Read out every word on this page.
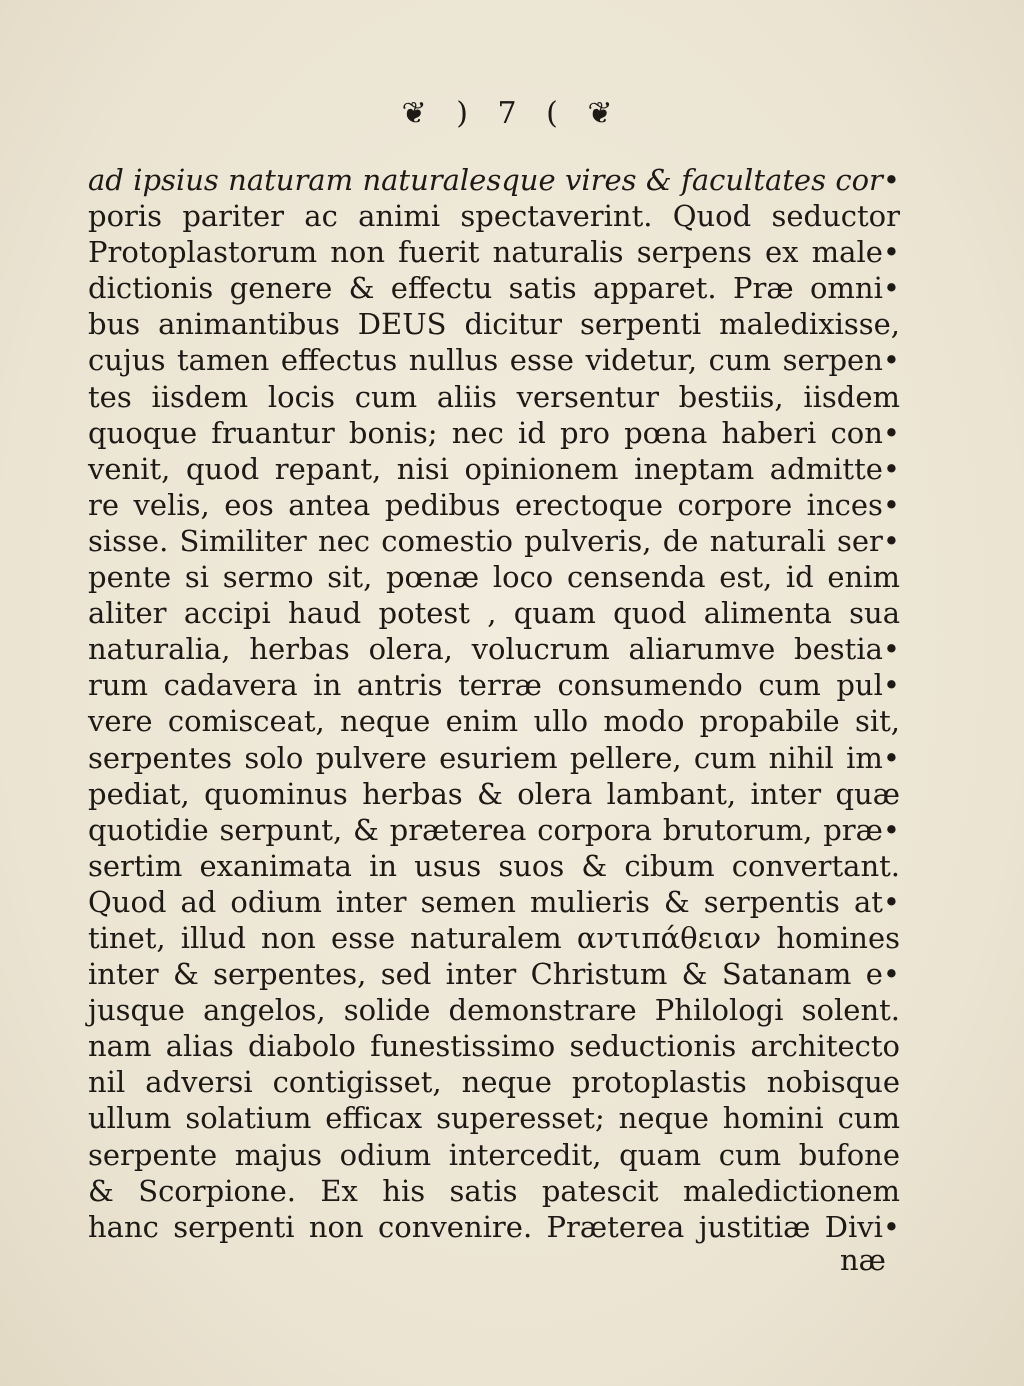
❦ ) 7 ( ❦
ad ipsius naturam naturalesque vires & facultates cor•
poris pariter ac animi spectaverint. Quod seductor
Protoplastorum non fuerit naturalis serpens ex male•
dictionis genere & effectu satis apparet. Præ omni•
bus animantibus DEUS dicitur serpenti maledixisse,
cujus tamen effectus nullus esse videtur, cum serpen•
tes iisdem locis cum aliis versentur bestiis, iisdem
quoque fruantur bonis; nec id pro pœna haberi con•
venit, quod repant, nisi opinionem ineptam admitte•
re velis, eos antea pedibus erectoque corpore inces•
sisse. Similiter nec comestio pulveris, de naturali ser•
pente si sermo sit, pœnæ loco censenda est, id enim
aliter accipi haud potest , quam quod alimenta sua
naturalia, herbas olera, volucrum aliarumve bestia•
rum cadavera in antris terræ consumendo cum pul•
vere comisceat, neque enim ullo modo propabile sit,
serpentes solo pulvere esuriem pellere, cum nihil im•
pediat, quominus herbas & olera lambant, inter quæ
quotidie serpunt, & præterea corpora brutorum, præ•
sertim exanimata in usus suos & cibum convertant.
Quod ad odium inter semen mulieris & serpentis at•
tinet, illud non esse naturalem αντιπάθειαν homines
inter & serpentes, sed inter Christum & Satanam e•
jusque angelos, solide demonstrare Philologi solent.
nam alias diabolo funestissimo seductionis architecto
nil adversi contigisset, neque protoplastis nobisque
ullum solatium efficax superesset; neque homini cum
serpente majus odium intercedit, quam cum bufone
& Scorpione. Ex his satis patescit maledictionem
hanc serpenti non convenire. Præterea justitiæ Divi•
næ
